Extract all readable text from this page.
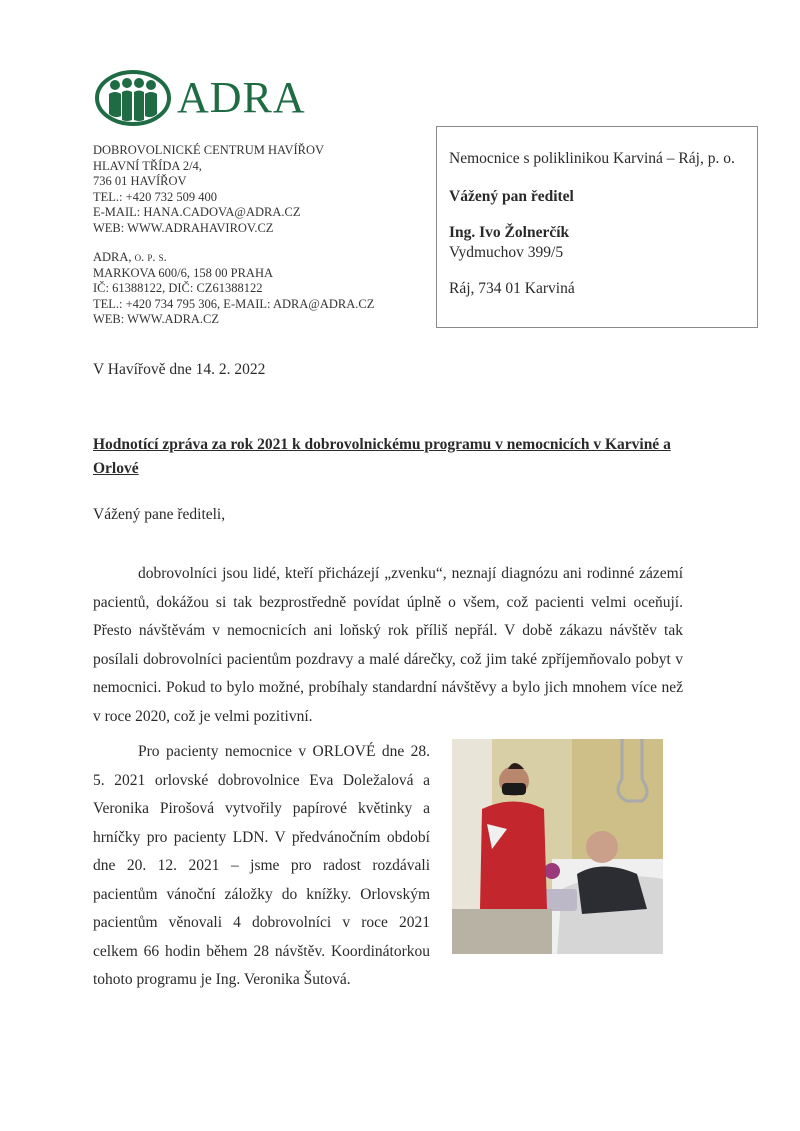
ADRA
DOBROVOLNICKÉ CENTRUM HAVÍŘOV
HLAVNÍ TŘÍDA 2/4,
736 01 HAVÍŘOV
TEL.: +420 732 509 400
E-MAIL: HANA.CADOVA@ADRA.CZ
WEB: WWW.ADRAHAVIROV.CZ
ADRA, o. p. s.
MARKOVA 600/6, 158 00 PRAHA
IČ: 61388122, DIČ: CZ61388122
TEL.: +420 734 795 306, E-MAIL: ADRA@ADRA.CZ
WEB: WWW.ADRA.CZ
Nemocnice s poliklinikou Karviná – Ráj, p. o.
Vážený pan ředitel
Ing. Ivo Žolnerčík
Vydmuchov 399/5
Ráj, 734 01 Karviná
V Havířově dne 14. 2. 2022
Hodnotící zpráva za rok 2021 k dobrovolnickému programu v nemocnicích v Karviné a Orlové
Vážený pane řediteli,

dobrovolníci jsou lidé, kteří přicházejí „zvenku“, neznají diagnózu ani rodinné zázemí pacientů, dokážou si tak bezprostředně povídat úplně o všem, což pacienti velmi oceňují. Přesto návštěvám v nemocnicích ani loňský rok příliš nepřál. V době zákazu návštěv tak posílali dobrovolníci pacientům pozdravy a malé dárečky, což jim také zpříjemňovalo pobyt v nemocnici. Pokud to bylo možné, probíhaly standardní návštěvy a bylo jich mnohem více než v roce 2020, což je velmi pozitivní.

Pro pacienty nemocnice v ORLOVÉ dne 28. 5. 2021 orlovské dobrovolnice Eva Doležalová a Veronika Pirošová vytvořily papírové květinky a hrníčky pro pacienty LDN. V předvánočním období dne 20. 12. 2021 – jsme pro radost rozdávali pacientům vánoční záložky do knížky. Orlovským pacientům věnovali 4 dobrovolníci v roce 2021 celkem 66 hodin během 28 návštěv. Koordinátorkou tohoto programu je Ing. Veronika Šutová.
